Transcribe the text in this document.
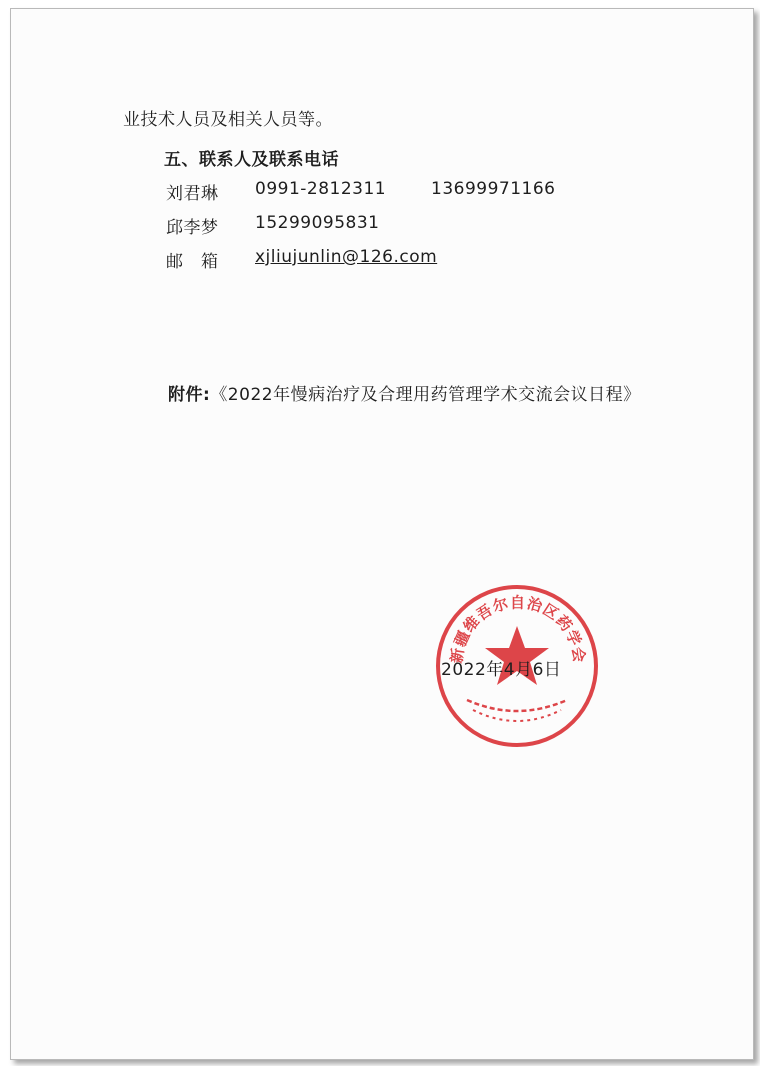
业技术人员及相关人员等。
五、联系人及联系电话
刘君琳 0991-2812311	13699971166
邱李梦 15299095831
邮　箱 xjliujunlin@126.com
附件:《2022年慢病治疗及合理用药管理学术交流会议日程》
新疆维吾尔自治区药学会
2022年4月6日
